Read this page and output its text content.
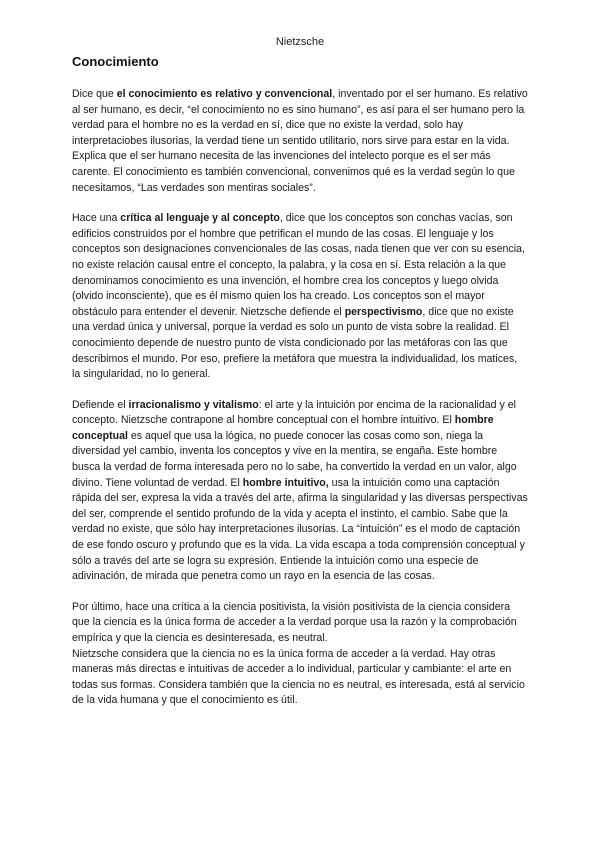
Nietzsche
Conocimiento

Dice que el conocimiento es relativo y convencional, inventado por el ser humano. Es relativo al ser humano, es decir, “el conocimiento no es sino humano”, es así para el ser humano pero la verdad para el hombre no es la verdad en sí, dice que no existe la verdad, solo hay interpretaciobes ilusorias, la verdad tiene un sentido utilitario, nors sirve para estar en la vida. Explica que el ser humano necesita de las invenciones del intelecto porque es el ser más carente. El conocimiento es también convencional, convenimos qué es la verdad según lo que necesitamos, “Las verdades son mentiras sociales”.

Hace una crítica al lenguaje y al concepto, dice que los conceptos son conchas vacías, son edificios construidos por el hombre que petrifican el mundo de las cosas. El lenguaje y los conceptos son designaciones convencionales de las cosas, nada tienen que ver con su esencia, no existe relación causal entre el concepto, la palabra, y la cosa en sí. Esta relación a la que denominamos conocimiento es una invención, el hombre crea los conceptos y luego olvida (olvido inconsciente), que es él mismo quien los ha creado. Los conceptos son el mayor obstáculo para entender el devenir. Nietzsche defiende el perspectivismo, dice que no existe una verdad única y universal, porque la verdad es solo un punto de vista sobre la realidad. El conocimiento depende de nuestro punto de vista condicionado por las metáforas con las que describimos el mundo. Por eso, prefiere la metáfora que muestra la individualidad, los matices, la singularidad, no lo general.

Defiende el irracionalismo y vitalismo: el arte y la intuición por encima de la racionalidad y el concepto. Nietzsche contrapone al hombre conceptual con el hombre intuitivo. El hombre conceptual es aquel que usa la lógica, no puede conocer las cosas como son, niega la diversidad yel cambio, inventa los conceptos y vive en la mentira, se engaña. Este hombre busca la verdad de forma interesada pero no lo sabe, ha convertido la verdad en un valor, algo divino. Tiene voluntad de verdad. El hombre intuitivo, usa la intuición como una captación rápida del ser, expresa la vida a través del arte, afirma la singularidad y las diversas perspectivas del ser, comprende el sentido profundo de la vida y acepta el instinto, el cambio. Sabe que la verdad no existe, que sólo hay interpretaciones ilusorias. La “intuición” es el modo de captación de ese fondo oscuro y profundo que es la vida. La vida escapa a toda comprensión conceptual y sólo a través del arte se logra su expresión. Entiende la intuición como una especie de adivinación, de mirada que penetra como un rayo en la esencia de las cosas.

Por último, hace una crítica a la ciencia positivista, la visión positivista de la ciencia considera que la ciencia es la única forma de acceder a la verdad porque usa la razón y la comprobación empírica y que la ciencia es desinteresada, es neutral.
Nietzsche considera que la ciencia no es la única forma de acceder a la verdad. Hay otras maneras más directas e intuitivas de acceder a lo individual, particular y cambiante: el arte en todas sus formas. Considera también que la ciencia no es neutral, es interesada, está al servicio de la vida humana y que el conocimiento es útil.
